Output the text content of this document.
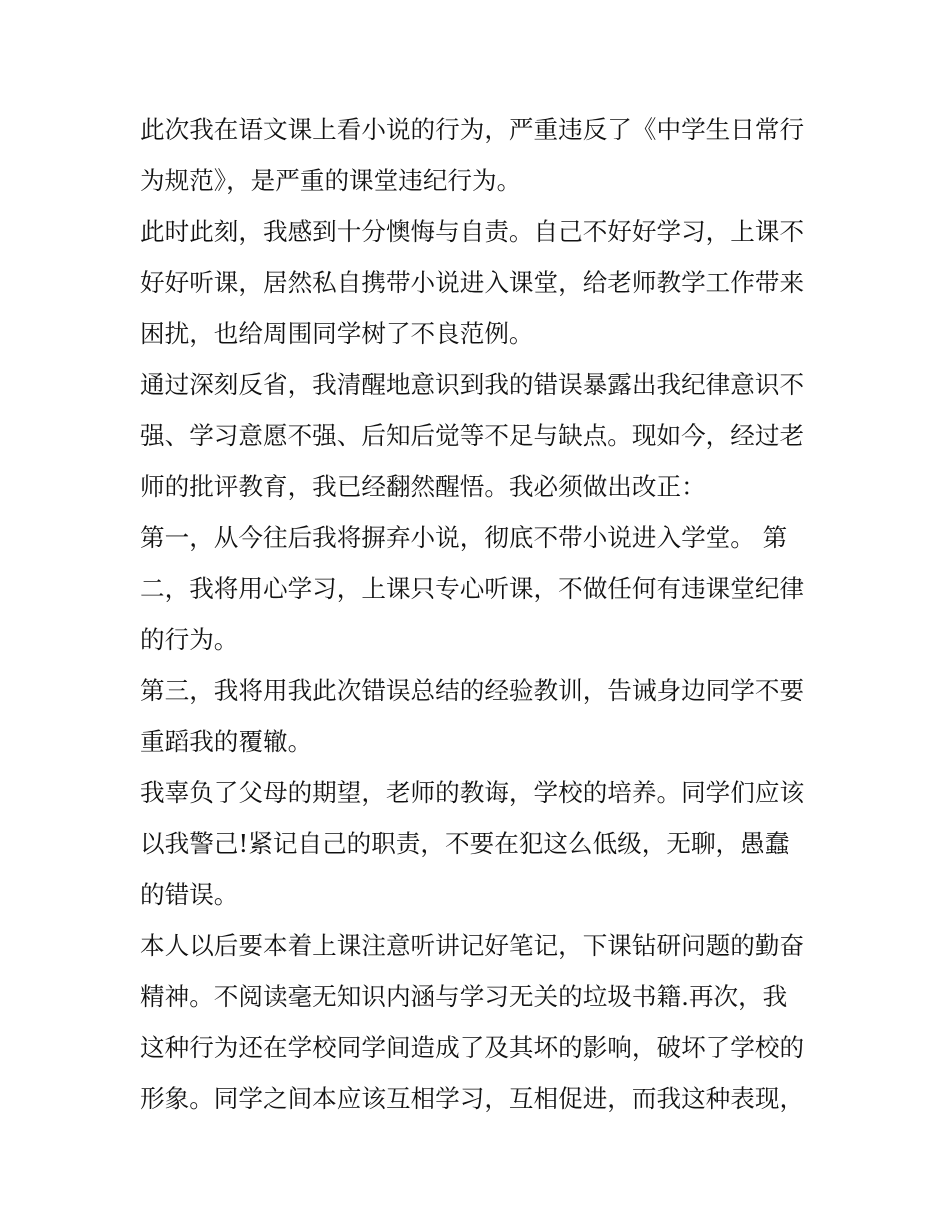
此次我在语文课上看小说的行为，严重违反了《中学生日常行
为规范》，是严重的课堂违纪行为。
此时此刻，我感到十分懊悔与自责。自己不好好学习，上课不
好好听课，居然私自携带小说进入课堂，给老师教学工作带来
困扰，也给周围同学树了不良范例。
通过深刻反省，我清醒地意识到我的错误暴露出我纪律意识不
强、学习意愿不强、后知后觉等不足与缺点。现如今，经过老
师的批评教育，我已经翻然醒悟。我必须做出改正：
第一，从今往后我将摒弃小说，彻底不带小说进入学堂。 第
二，我将用心学习，上课只专心听课，不做任何有违课堂纪律
的行为。
第三，我将用我此次错误总结的经验教训，告诫身边同学不要
重蹈我的覆辙。
我辜负了父母的期望，老师的教诲，学校的培养。同学们应该
以我警己!紧记自己的职责，不要在犯这么低级，无聊，愚蠢
的错误。
本人以后要本着上课注意听讲记好笔记，下课钻研问题的勤奋
精神。不阅读毫无知识内涵与学习无关的垃圾书籍.再次，我
这种行为还在学校同学间造成了及其坏的影响，破坏了学校的
形象。同学之间本应该互相学习，互相促进，而我这种表现，
